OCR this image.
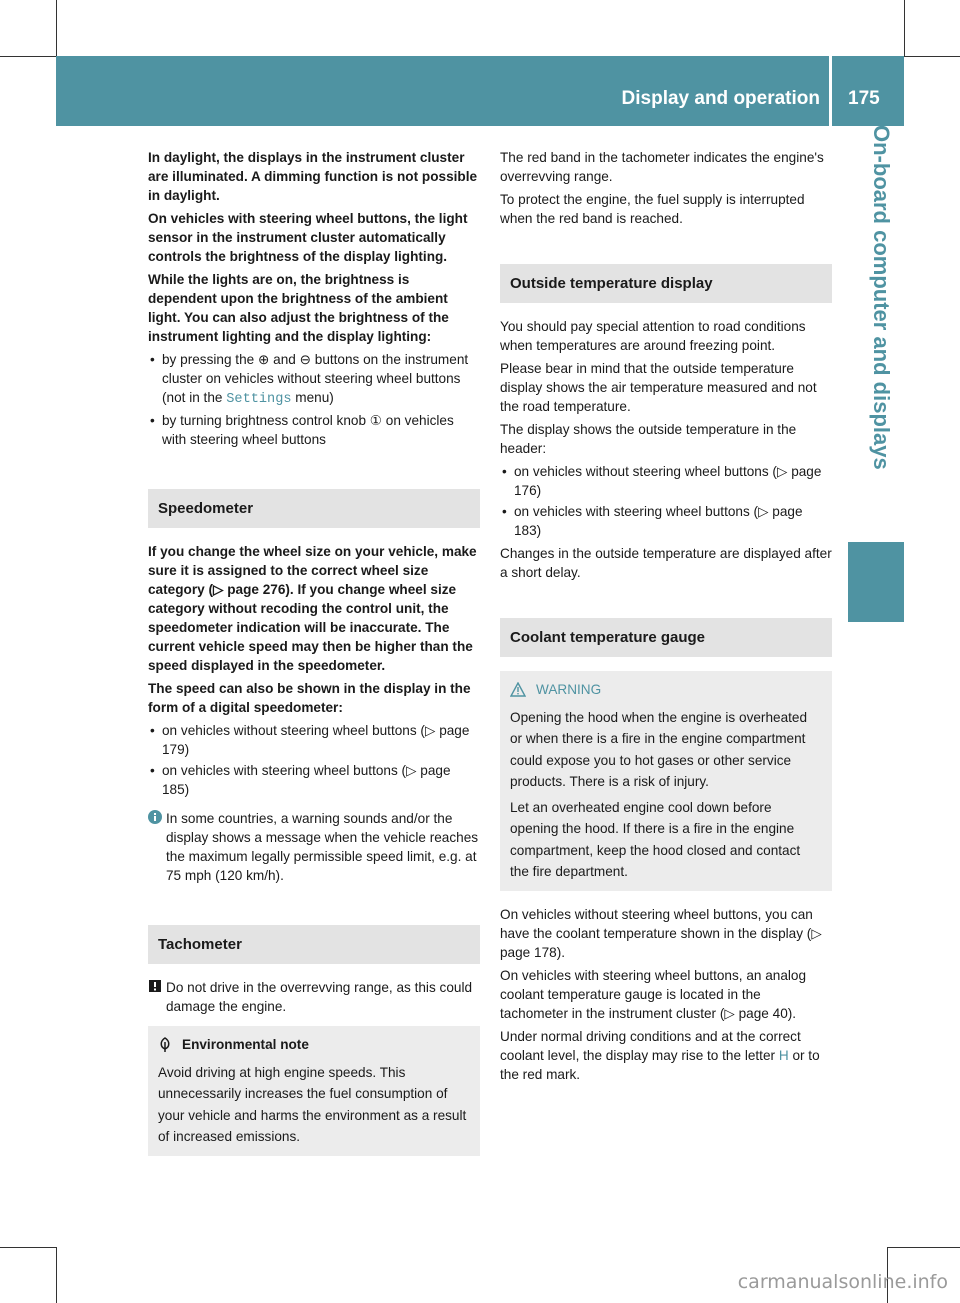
Display and operation 175
On-board computer and displays

In daylight, the displays in the instrument cluster are illuminated. A dimming function is not possible in daylight.

On vehicles with steering wheel buttons, the light sensor in the instrument cluster automatically controls the brightness of the display lighting.

While the lights are on, the brightness is dependent upon the brightness of the ambient light. You can also adjust the brightness of the instrument lighting and the display lighting:

• by pressing the ⊕ and ⊖ buttons on the instrument cluster on vehicles without steering wheel buttons (not in the Settings menu)
• by turning brightness control knob ① on vehicles with steering wheel buttons
Speedometer

If you change the wheel size on your vehicle, make sure it is assigned to the correct wheel size category (▷ page 276). If you change wheel size category without recoding the control unit, the speedometer indication will be inaccurate. The current vehicle speed may then be higher than the speed displayed in the speedometer.

The speed can also be shown in the display in the form of a digital speedometer:

• on vehicles without steering wheel buttons (▷ page 179)
• on vehicles with steering wheel buttons (▷ page 185)
In some countries, a warning sounds and/or the display shows a message when the vehicle reaches the maximum legally permissible speed limit, e.g. at 75 mph (120 km/h).
Tachometer
Do not drive in the overrevving range, as this could damage the engine.
Environmental note
Avoid driving at high engine speeds. This unnecessarily increases the fuel consumption of your vehicle and harms the environment as a result of increased emissions.

The red band in the tachometer indicates the engine's overrevving range.

To protect the engine, the fuel supply is interrupted when the red band is reached.

Outside temperature display

You should pay special attention to road conditions when temperatures are around freezing point.

Please bear in mind that the outside temperature display shows the air temperature measured and not the road temperature.

The display shows the outside temperature in the header:

• on vehicles without steering wheel buttons (▷ page 176)
• on vehicles with steering wheel buttons (▷ page 183)

Changes in the outside temperature are displayed after a short delay.

Coolant temperature gauge
WARNING

Opening the hood when the engine is overheated or when there is a fire in the engine compartment could expose you to hot gases or other service products. There is a risk of injury.

Let an overheated engine cool down before opening the hood. If there is a fire in the engine compartment, keep the hood closed and contact the fire department.

On vehicles without steering wheel buttons, you can have the coolant temperature shown in the display (▷ page 178).

On vehicles with steering wheel buttons, an analog coolant temperature gauge is located in the tachometer in the instrument cluster (▷ page 40).

Under normal driving conditions and at the correct coolant level, the display may rise to the letter H or to the red mark.

carmanualsonline.info
